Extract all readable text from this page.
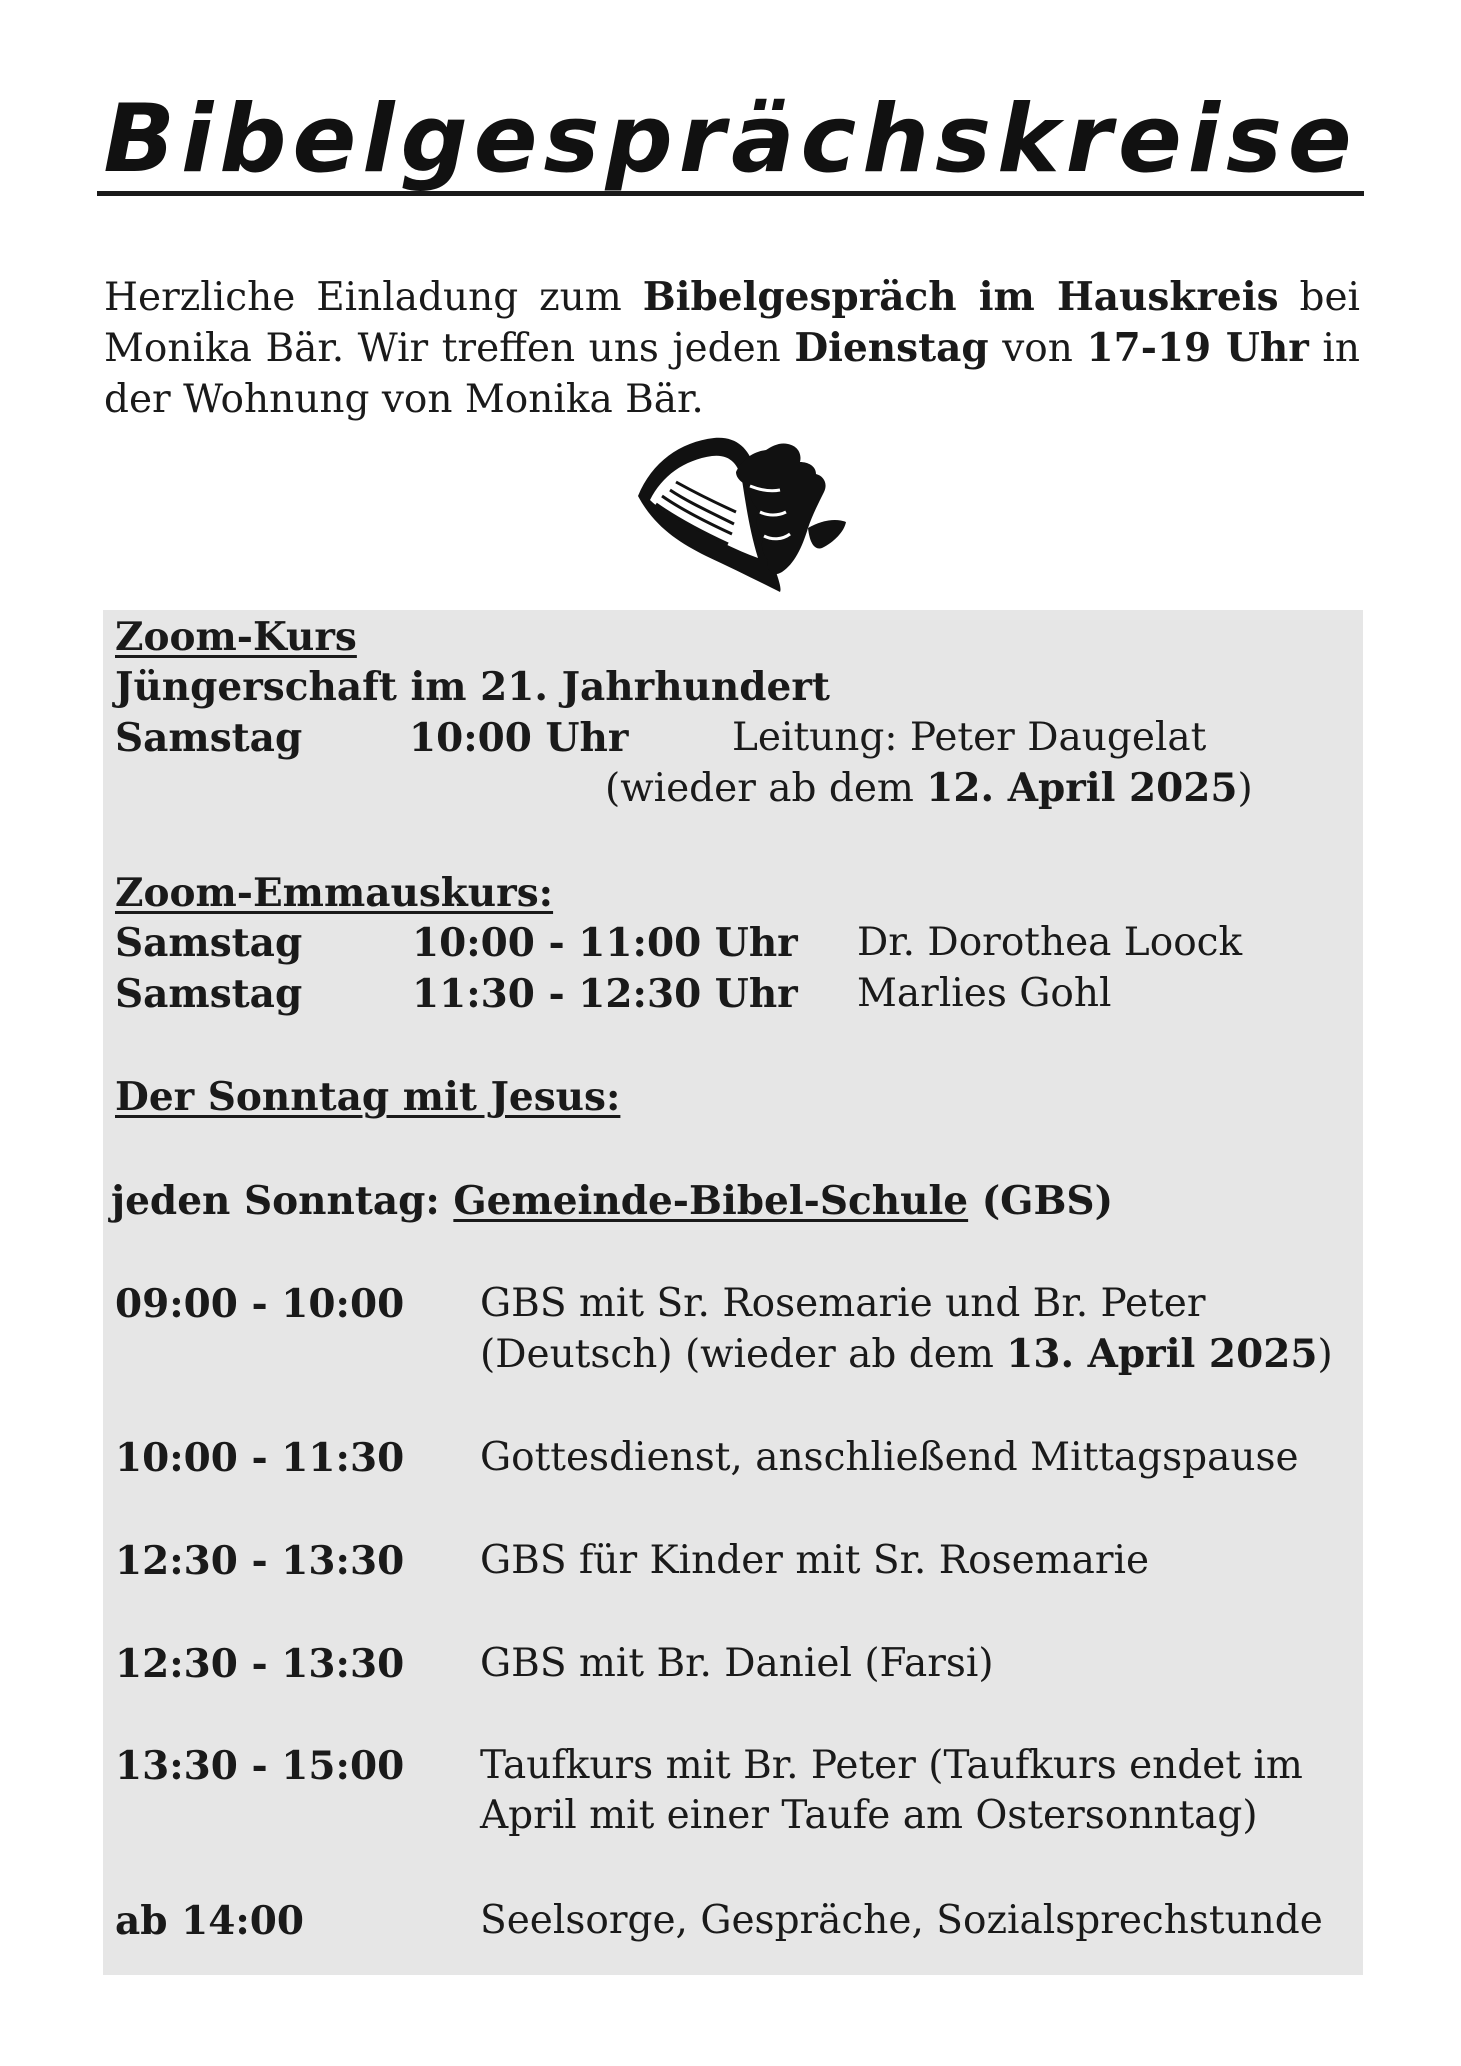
Bibelgesprächskreise

Herzliche Einladung zum Bibelgespräch im Hauskreis bei Monika Bär. Wir treffen uns jeden Dienstag von 17-19 Uhr in der Wohnung von Monika Bär.

Zoom-Kurs
Jüngerschaft im 21. Jahrhundert
Samstag	10:00 Uhr	Leitung: Peter Daugelat
(wieder ab dem 12. April 2025)
Zoom-Emmauskurs:
Samstag	10:00 - 11:00 Uhr Dr. Dorothea Loock
Samstag	11:30 - 12:30 Uhr Marlies Gohl
Der Sonntag mit Jesus:
jeden Sonntag: Gemeinde-Bibel-Schule (GBS)
09:00 - 10:00 GBS mit Sr. Rosemarie und Br. Peter
(Deutsch) (wieder ab dem 13. April 2025)
10:00 - 11:30 Gottesdienst, anschließend Mittagspause
12:30 - 13:30 GBS für Kinder mit Sr. Rosemarie
12:30 - 13:30 GBS mit Br. Daniel (Farsi)
13:30 - 15:00 Taufkurs mit Br. Peter (Taufkurs endet im
April mit einer Taufe am Ostersonntag)
ab 14:00	Seelsorge, Gespräche, Sozialsprechstunde
